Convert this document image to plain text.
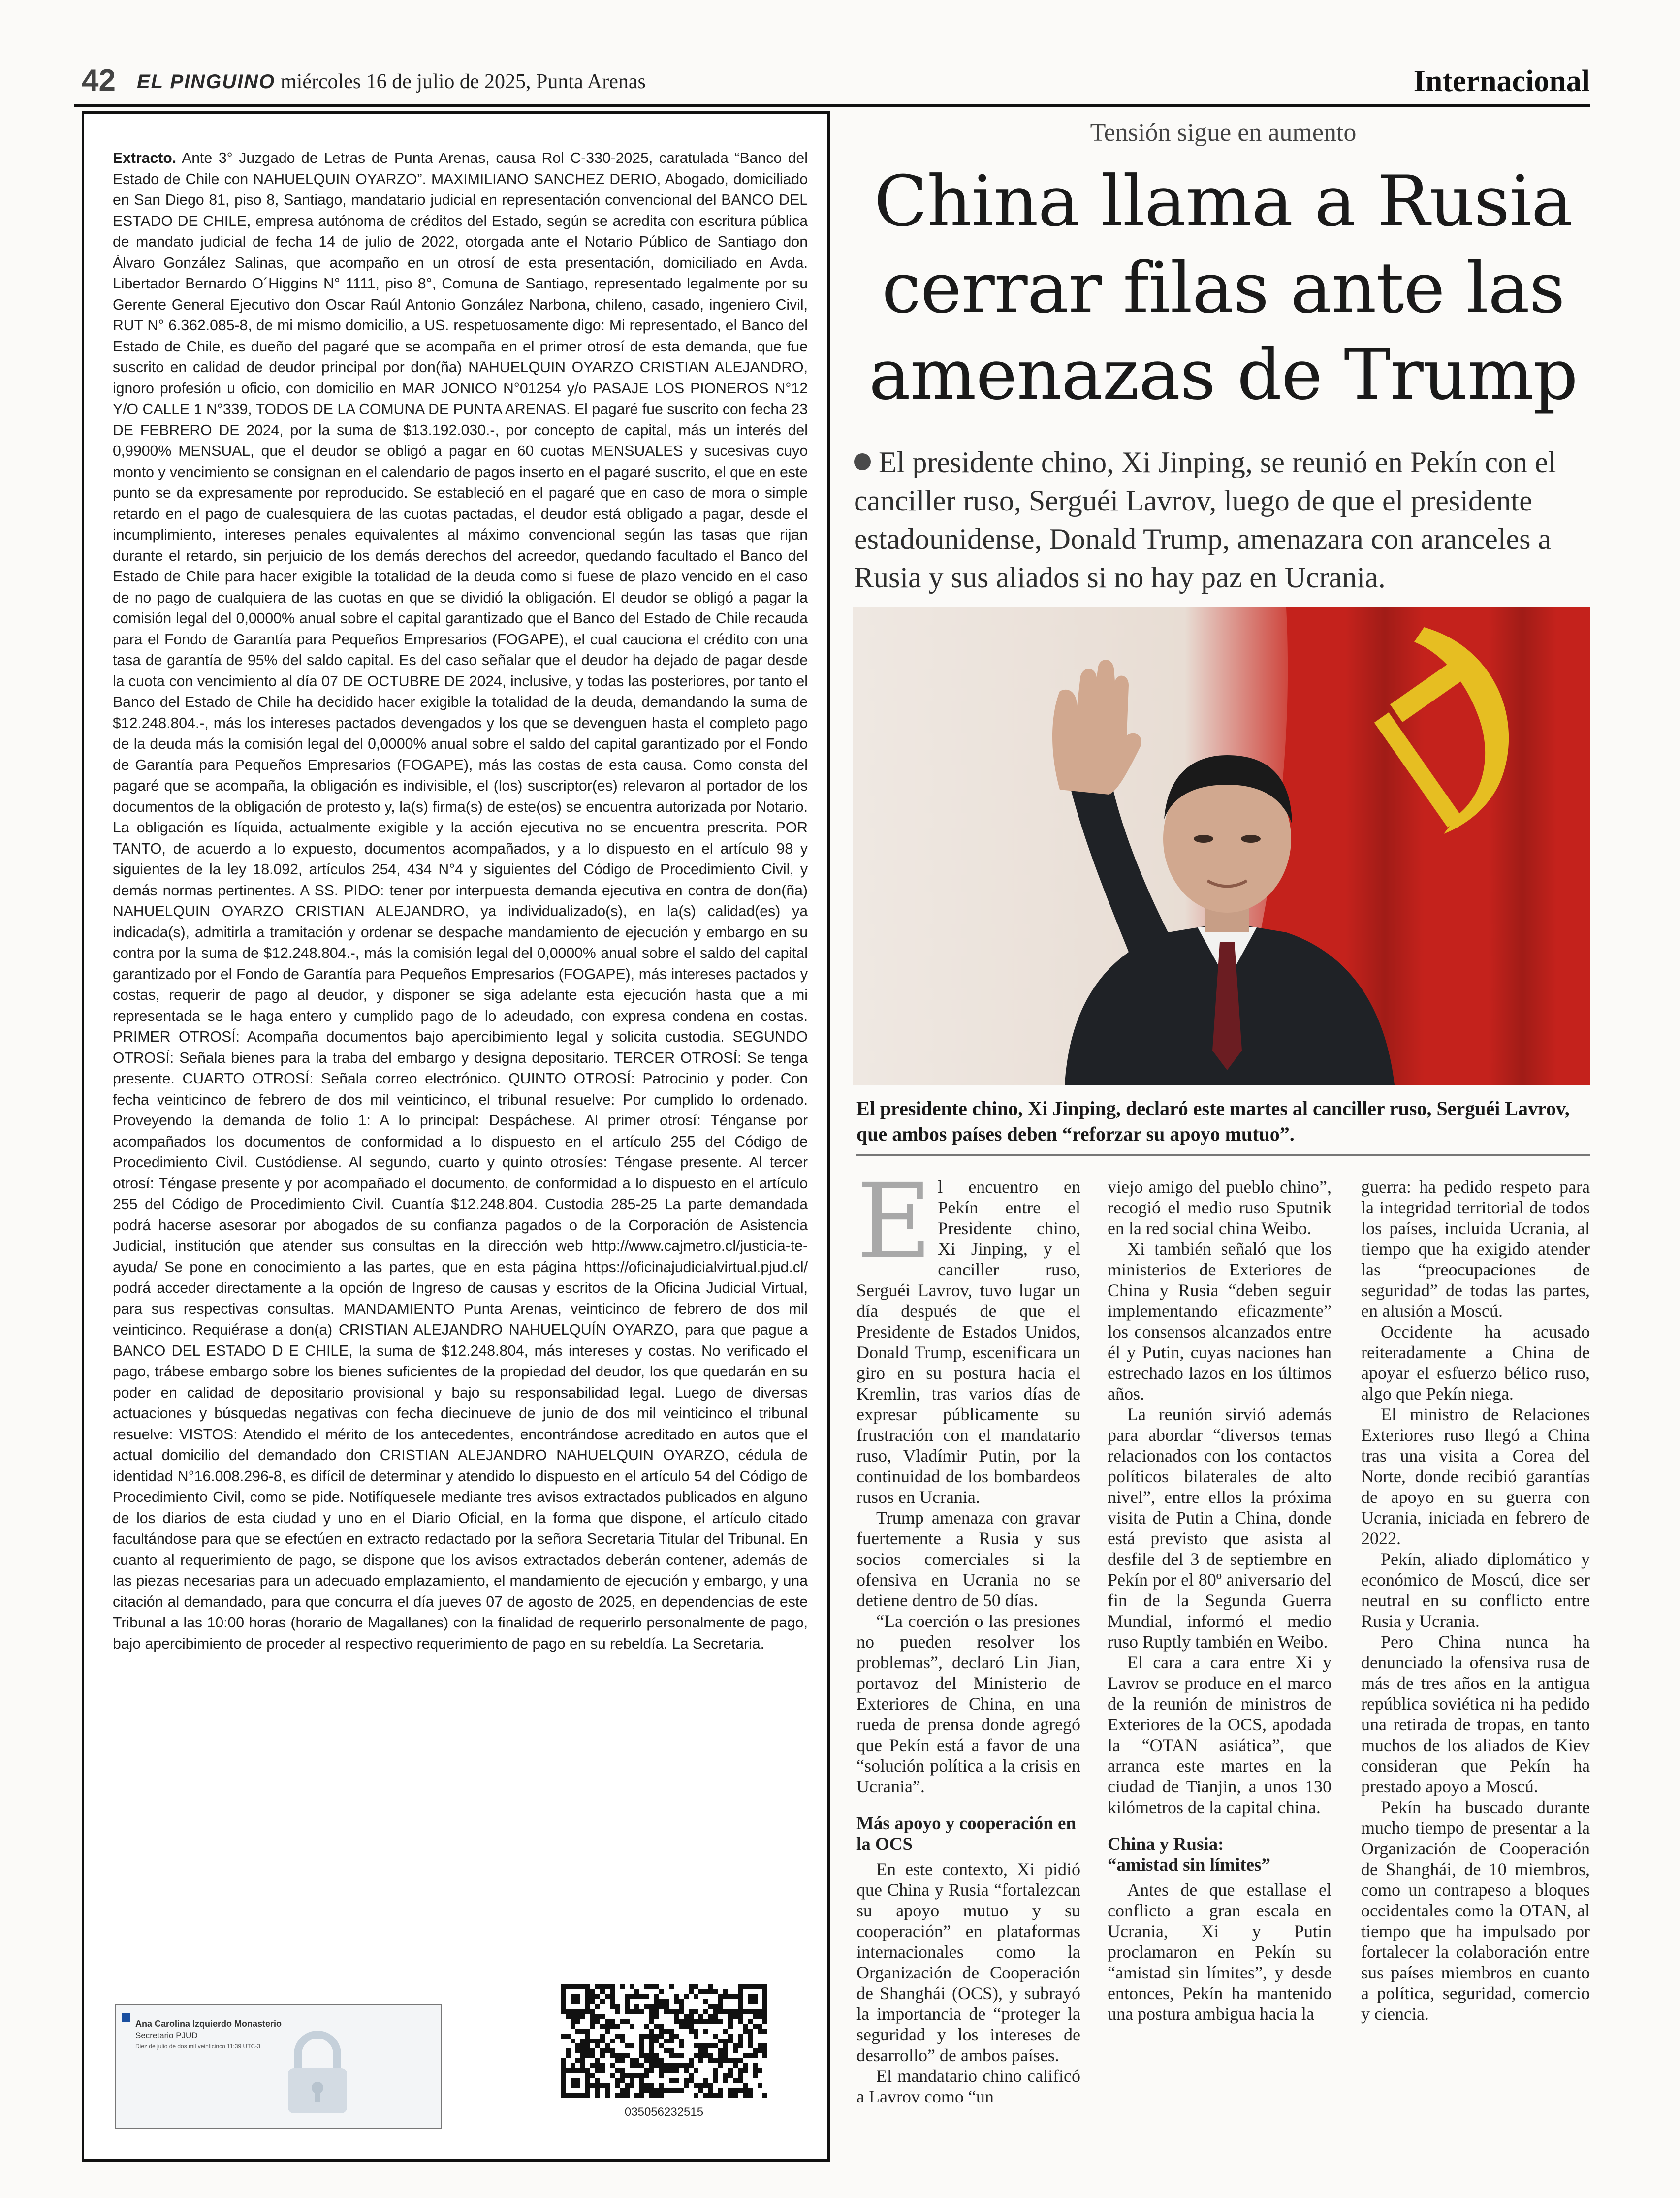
42 EL PINGUINO miércoles 16 de julio de 2025, Punta Arenas	Internacional
Extracto. Ante 3° Juzgado de Letras de Punta Arenas, causa Rol C-330-2025, caratulada “Banco del Estado de Chile con NAHUELQUIN OYARZO”. MAXIMILIANO SANCHEZ DERIO, Abogado, domiciliado en San Diego 81, piso 8, Santiago, mandatario judicial en representación convencional del BANCO DEL ESTADO DE CHILE, empresa autónoma de créditos del Estado, según se acredita con escritura pública de mandato judicial de fecha 14 de julio de 2022, otorgada ante el Notario Público de Santiago don Álvaro González Salinas, que acompaño en un otrosí de esta presentación, domiciliado en Avda. Libertador Bernardo O´Higgins N° 1111, piso 8°, Comuna de Santiago, representado legalmente por su Gerente General Ejecutivo don Oscar Raúl Antonio González Narbona, chileno, casado, ingeniero Civil, RUT N° 6.362.085-8, de mi mismo domicilio, a US. respetuosamente digo: Mi representado, el Banco del Estado de Chile, es dueño del pagaré que se acompaña en el primer otrosí de esta demanda, que fue suscrito en calidad de deudor principal por don(ña) NAHUELQUIN OYARZO CRISTIAN ALEJANDRO, ignoro profesión u oficio, con domicilio en MAR JONICO N°01254 y/o PASAJE LOS PIONEROS N°12 Y/O CALLE 1 N°339, TODOS DE LA COMUNA DE PUNTA ARENAS. El pagaré fue suscrito con fecha 23 DE FEBRERO DE 2024, por la suma de $13.192.030.-, por concepto de capital, más un interés del 0,9900% MENSUAL, que el deudor se obligó a pagar en 60 cuotas MENSUALES y sucesivas cuyo monto y vencimiento se consignan en el calendario de pagos inserto en el pagaré suscrito, el que en este punto se da expresamente por reproducido. Se estableció en el pagaré que en caso de mora o simple retardo en el pago de cualesquiera de las cuotas pactadas, el deudor está obligado a pagar, desde el incumplimiento, intereses penales equivalentes al máximo convencional según las tasas que rijan durante el retardo, sin perjuicio de los demás derechos del acreedor, quedando facultado el Banco del Estado de Chile para hacer exigible la totalidad de la deuda como si fuese de plazo vencido en el caso de no pago de cualquiera de las cuotas en que se dividió la obligación. El deudor se obligó a pagar la comisión legal del 0,0000% anual sobre el capital garantizado que el Banco del Estado de Chile recauda para el Fondo de Garantía para Pequeños Empresarios (FOGAPE), el cual cauciona el crédito con una tasa de garantía de 95% del saldo capital. Es del caso señalar que el deudor ha dejado de pagar desde la cuota con vencimiento al día 07 DE OCTUBRE DE 2024, inclusive, y todas las posteriores, por tanto el Banco del Estado de Chile ha decidido hacer exigible la totalidad de la deuda, demandando la suma de $12.248.804.-, más los intereses pactados devengados y los que se devenguen hasta el completo pago de la deuda más la comisión legal del 0,0000% anual sobre el saldo del capital garantizado por el Fondo de Garantía para Pequeños Empresarios (FOGAPE), más las costas de esta causa. Como consta del pagaré que se acompaña, la obligación es indivisible, el (los) suscriptor(es) relevaron al portador de los documentos de la obligación de protesto y, la(s) firma(s) de este(os) se encuentra autorizada por Notario. La obligación es líquida, actualmente exigible y la acción ejecutiva no se encuentra prescrita. POR TANTO, de acuerdo a lo expuesto, documentos acompañados, y a lo dispuesto en el artículo 98 y siguientes de la ley 18.092, artículos 254, 434 N°4 y siguientes del Código de Procedimiento Civil, y demás normas pertinentes. A SS. PIDO: tener por interpuesta demanda ejecutiva en contra de don(ña) NAHUELQUIN OYARZO CRISTIAN ALEJANDRO, ya individualizado(s), en la(s) calidad(es) ya indicada(s), admitirla a tramitación y ordenar se despache mandamiento de ejecución y embargo en su contra por la suma de $12.248.804.-, más la comisión legal del 0,0000% anual sobre el saldo del capital garantizado por el Fondo de Garantía para Pequeños Empresarios (FOGAPE), más intereses pactados y costas, requerir de pago al deudor, y disponer se siga adelante esta ejecución hasta que a mi representada se le haga entero y cumplido pago de lo adeudado, con expresa condena en costas. PRIMER OTROSÍ: Acompaña documentos bajo apercibimiento legal y solicita custodia. SEGUNDO OTROSÍ: Señala bienes para la traba del embargo y designa depositario. TERCER OTROSÍ: Se tenga presente. CUARTO OTROSÍ: Señala correo electrónico. QUINTO OTROSÍ: Patrocinio y poder. Con fecha veinticinco de febrero de dos mil veinticinco, el tribunal resuelve: Por cumplido lo ordenado. Proveyendo la demanda de folio 1: A lo principal: Despáchese. Al primer otrosí: Ténganse por acompañados los documentos de conformidad a lo dispuesto en el artículo 255 del Código de Procedimiento Civil. Custódiense. Al segundo, cuarto y quinto otrosíes: Téngase presente. Al tercer otrosí: Téngase presente y por acompañado el documento, de conformidad a lo dispuesto en el artículo 255 del Código de Procedimiento Civil. Cuantía $12.248.804. Custodia 285-25 La parte demandada podrá hacerse asesorar por abogados de su confianza pagados o de la Corporación de Asistencia Judicial, institución que atender sus consultas en la dirección web http://www.cajmetro.cl/justicia-te-ayuda/ Se pone en conocimiento a las partes, que en esta página https://oficinajudicialvirtual.pjud.cl/ podrá acceder directamente a la opción de Ingreso de causas y escritos de la Oficina Judicial Virtual, para sus respectivas consultas. MANDAMIENTO Punta Arenas, veinticinco de febrero de dos mil veinticinco. Requiérase a don(a) CRISTIAN ALEJANDRO NAHUELQUÍN OYARZO, para que pague a BANCO DEL ESTADO D E CHILE, la suma de $12.248.804, más intereses y costas. No verificado el pago, trábese embargo sobre los bienes suficientes de la propiedad del deudor, los que quedarán en su poder en calidad de depositario provisional y bajo su responsabilidad legal. Luego de diversas actuaciones y búsquedas negativas con fecha diecinueve de junio de dos mil veinticinco el tribunal resuelve: VISTOS: Atendido el mérito de los antecedentes, encontrándose acreditado en autos que el actual domicilio del demandado don CRISTIAN ALEJANDRO NAHUELQUIN OYARZO, cédula de identidad N°16.008.296-8, es difícil de determinar y atendido lo dispuesto en el artículo 54 del Código de Procedimiento Civil, como se pide. Notifíquesele mediante tres avisos extractados publicados en alguno de los diarios de esta ciudad y uno en el Diario Oficial, en la forma que dispone, el artículo citado facultándose para que se efectúen en extracto redactado por la señora Secretaria Titular del Tribunal. En cuanto al requerimiento de pago, se dispone que los avisos extractados deberán contener, además de las piezas necesarias para un adecuado emplazamiento, el mandamiento de ejecución y embargo, y una citación al demandado, para que concurra el día jueves 07 de agosto de 2025, en dependencias de este Tribunal a las 10:00 horas (horario de Magallanes) con la finalidad de requerirlo personalmente de pago, bajo apercibimiento de proceder al respectivo requerimiento de pago en su rebeldía. La Secretaria.
Ana Carolina Izquierdo Monasterio
Secretario PJUD
Diez de julio de dos mil veinticinco 11:39 UTC-3
035056232515
Tensión sigue en aumento
China llama a Rusia
cerrar filas ante las
amenazas de Trump
El presidente chino, Xi Jinping, se reunió en Pekín con el canciller ruso, Serguéi Lavrov, luego de que el presidente estadounidense, Donald Trump, amenazara con aranceles a Rusia y sus aliados si no hay paz en Ucrania.
El presidente chino, Xi Jinping, declaró este martes al canciller ruso, Serguéi Lavrov, que ambos países deben “reforzar su apoyo mutuo”.

El encuentro en Pekín entre el Presidente chino, Xi Jinping, y el canciller ruso, Serguéi Lavrov, tuvo lugar un día después de que el Presidente de Estados Unidos, Donald Trump, escenificara un giro en su postura hacia el Kremlin, tras varios días de expresar públicamente su frustración con el mandatario ruso, Vladímir Putin, por la continuidad de los bombardeos rusos en Ucrania.

Trump amenaza con gravar fuertemente a Rusia y sus socios comerciales si la ofensiva en Ucrania no se detiene dentro de 50 días.

“La coerción o las presiones no pueden resolver los problemas”, declaró Lin Jian, portavoz del Ministerio de Exteriores de China, en una rueda de prensa donde agregó que Pekín está a favor de una “solución política a la crisis en Ucrania”.

Más apoyo y cooperación en la OCS

En este contexto, Xi pidió que China y Rusia “fortalezcan su apoyo mutuo y su cooperación” en plataformas internacionales como la Organización de Cooperación de Shanghái (OCS), y subrayó la importancia de “proteger la seguridad y los intereses de desarrollo” de ambos países.

El mandatario chino calificó a Lavrov como “un

viejo amigo del pueblo chino”, recogió el medio ruso Sputnik en la red social china Weibo.

Xi también señaló que los ministerios de Exteriores de China y Rusia “deben seguir implementando eficazmente” los consensos alcanzados entre él y Putin, cuyas naciones han estrechado lazos en los últimos años.

La reunión sirvió además para abordar “diversos temas relacionados con los contactos políticos bilaterales de alto nivel”, entre ellos la próxima visita de Putin a China, donde está previsto que asista al desfile del 3 de septiembre en Pekín por el 80º aniversario del fin de la Segunda Guerra Mundial, informó el medio ruso Ruptly también en Weibo.

El cara a cara entre Xi y Lavrov se produce en el marco de la reunión de ministros de Exteriores de la OCS, apodada la “OTAN asiática”, que arranca este martes en la ciudad de Tianjin, a unos 130 kilómetros de la capital china.

China y Rusia:
“amistad sin límites”

Antes de que estallase el conflicto a gran escala en Ucrania, Xi y Putin proclamaron en Pekín su “amistad sin límites”, y desde entonces, Pekín ha mantenido una postura ambigua hacia la

guerra: ha pedido respeto para la integridad territorial de todos los países, incluida Ucrania, al tiempo que ha exigido atender las “preocupaciones de seguridad” de todas las partes, en alusión a Moscú.

Occidente ha acusado reiteradamente a China de apoyar el esfuerzo bélico ruso, algo que Pekín niega.

El ministro de Relaciones Exteriores ruso llegó a China tras una visita a Corea del Norte, donde recibió garantías de apoyo en su guerra con Ucrania, iniciada en febrero de 2022.

Pekín, aliado diplomático y económico de Moscú, dice ser neutral en su conflicto entre Rusia y Ucrania.

Pero China nunca ha denunciado la ofensiva rusa de más de tres años en la antigua república soviética ni ha pedido una retirada de tropas, en tanto muchos de los aliados de Kiev consideran que Pekín ha prestado apoyo a Moscú.

Pekín ha buscado durante mucho tiempo de presentar a la Organización de Cooperación de Shanghái, de 10 miembros, como un contrapeso a bloques occidentales como la OTAN, al tiempo que ha impulsado por fortalecer la colaboración entre sus países miembros en cuanto a política, seguridad, comercio y ciencia.
